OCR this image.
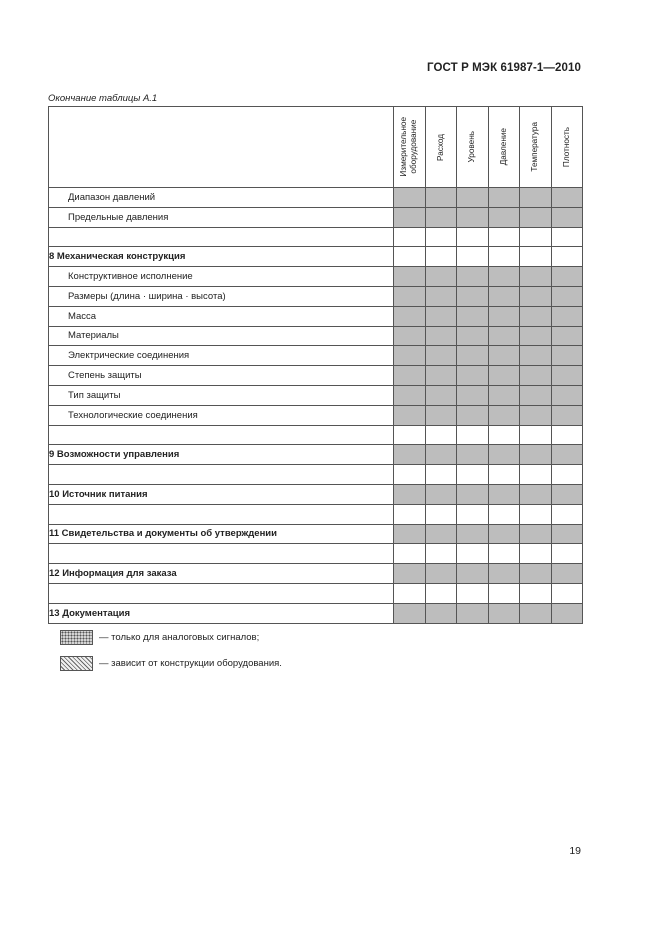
ГОСТ Р МЭК 61987-1—2010
Окончание таблицы А.1

	Измерительное
оборудование	Расход	Уровень	Давление	Температура	Плотность

Диапазон давлений						
Предельные давления						

8 Механическая конструкция						
Конструктивное исполнение						
Размеры (длина · ширина · высота)						
Масса						
Материалы						
Электрические соединения						
Степень защиты						
Тип защиты						
Технологические соединения						

9 Возможности управления						

10 Источник питания						

11 Свидетельства и документы об утверждении						

12 Информация для заказа						

13 Документация						
— только для аналоговых сигналов;
— зависит от конструкции оборудования.
19
